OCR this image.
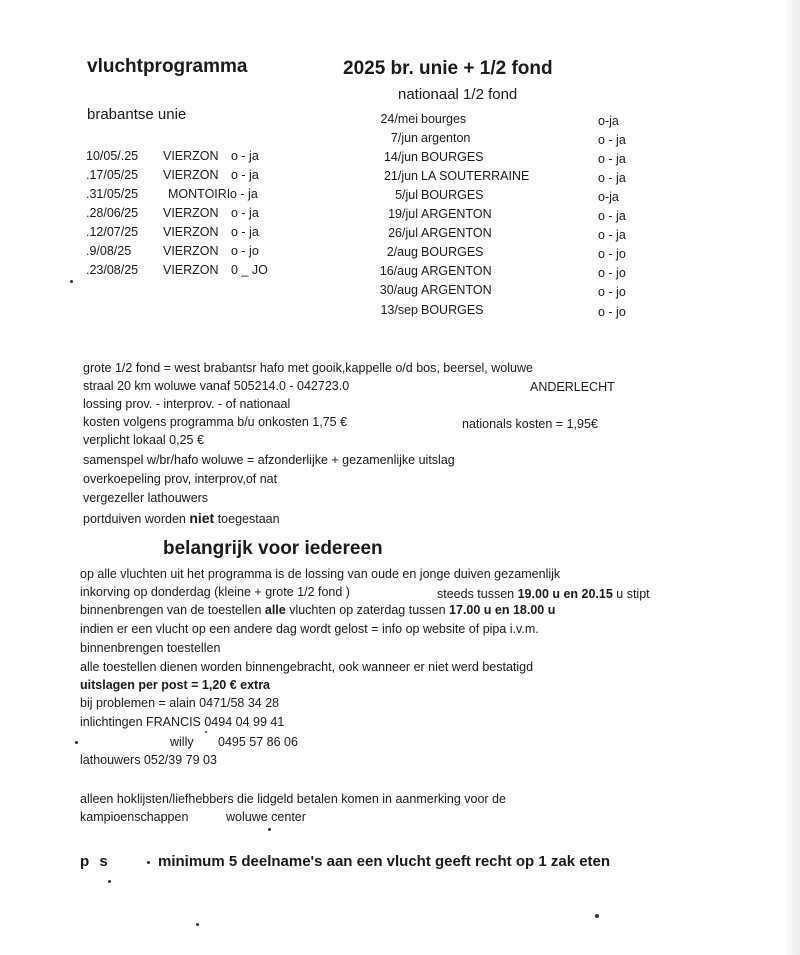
vluchtprogramma	2025 br. unie + 1/2 fond
nationaal 1/2 fond
brabantse unie
10/05/.25 VIERZON o - ja
.17/05/25 VIERZON o - ja
.31/05/25 MONTOIRI o - ja
.28/06/25 VIERZON o - ja
.12/07/25 VIERZON o - ja
.9/08/25	VIERZON o - jo
.23/08/25 VIERZON 0 _ JO
24/mei bourges	o-ja
7/jun argenton	o - ja
14/jun BOURGES	o - ja
21/jun LA SOUTERRAINE	o - ja
5/jul BOURGES	o-ja
19/jul ARGENTON	o - ja
26/jul ARGENTON	o - ja
2/aug BOURGES	o - jo
16/aug ARGENTON	o - jo
30/aug ARGENTON	o - jo
13/sep BOURGES	o - jo
grote 1/2 fond = west brabantsr hafo met gooik,kappelle o/d bos, beersel, woluwe
straal 20 km woluwe vanaf 505214.0 - 042723.0	ANDERLECHT
lossing prov. - interprov. - of nationaal
kosten volgens programma b/u onkosten 1,75 €	nationals kosten = 1,95€
verplicht lokaal 0,25 €
samenspel w/br/hafo woluwe = afzonderlijke + gezamenlijke uitslag
overkoepeling prov, interprov,of nat
vergezeller lathouwers
portduiven worden niet toegestaan
belangrijk voor iedereen
op alle vluchten uit het programma is de lossing van oude en jonge duiven gezamenlijk
inkorving op donderdag (kleine + grote 1/2 fond )	steeds tussen 19.00 u en 20.15 u stipt
binnenbrengen van de toestellen alle vluchten op zaterdag tussen 17.00 u en 18.00 u
indien er een vlucht op een andere dag wordt gelost = info op website of pipa i.v.m.
binnenbrengen toestellen
alle toestellen dienen worden binnengebracht, ook wanneer er niet werd bestatigd
uitslagen per post = 1,20 € extra
bij problemen = alain 0471/58 34 28
inlichtingen FRANCIS 0494 04 99 41
willy 0495 57 86 06
lathouwers 052/39 79 03
alleen hoklijsten/liefhebbers die lidgeld betalen komen in aanmerking voor de
kampioenschappen	woluwe center
p s	minimum 5 deelname's aan een vlucht geeft recht op 1 zak eten
